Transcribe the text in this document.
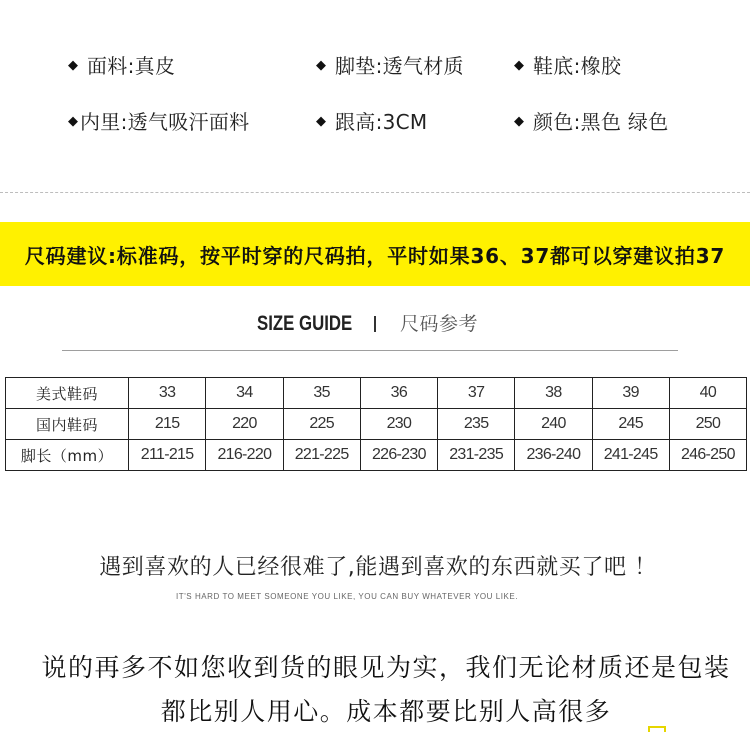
◆ 面料:真皮	◆ 脚垫:透气材质	◆ 鞋底:橡胶
◆ 内里:透气吸汗面料	◆ 跟高:3CM	◆ 颜色:黑色 绿色
尺码建议:标准码，按平时穿的尺码拍，平时如果36、37都可以穿建议拍37
SIZE GUIDE	尺码参考
美式鞋码	33	34	35	36	37	38	39	40
国内鞋码	215	220	225	230	235	240	245	250
脚长（mm）	211-215	216-220	221-225	226-230	231-235	236-240	241-245	246-250
遇到喜欢的人已经很难了,能遇到喜欢的东西就买了吧 ！
IT'S HARD TO MEET SOMEONE YOU LIKE, YOU CAN BUY WHATEVER YOU LIKE.
说的再多不如您收到货的眼见为实，我们无论材质还是包装
都比别人用心。成本都要比别人高很多
